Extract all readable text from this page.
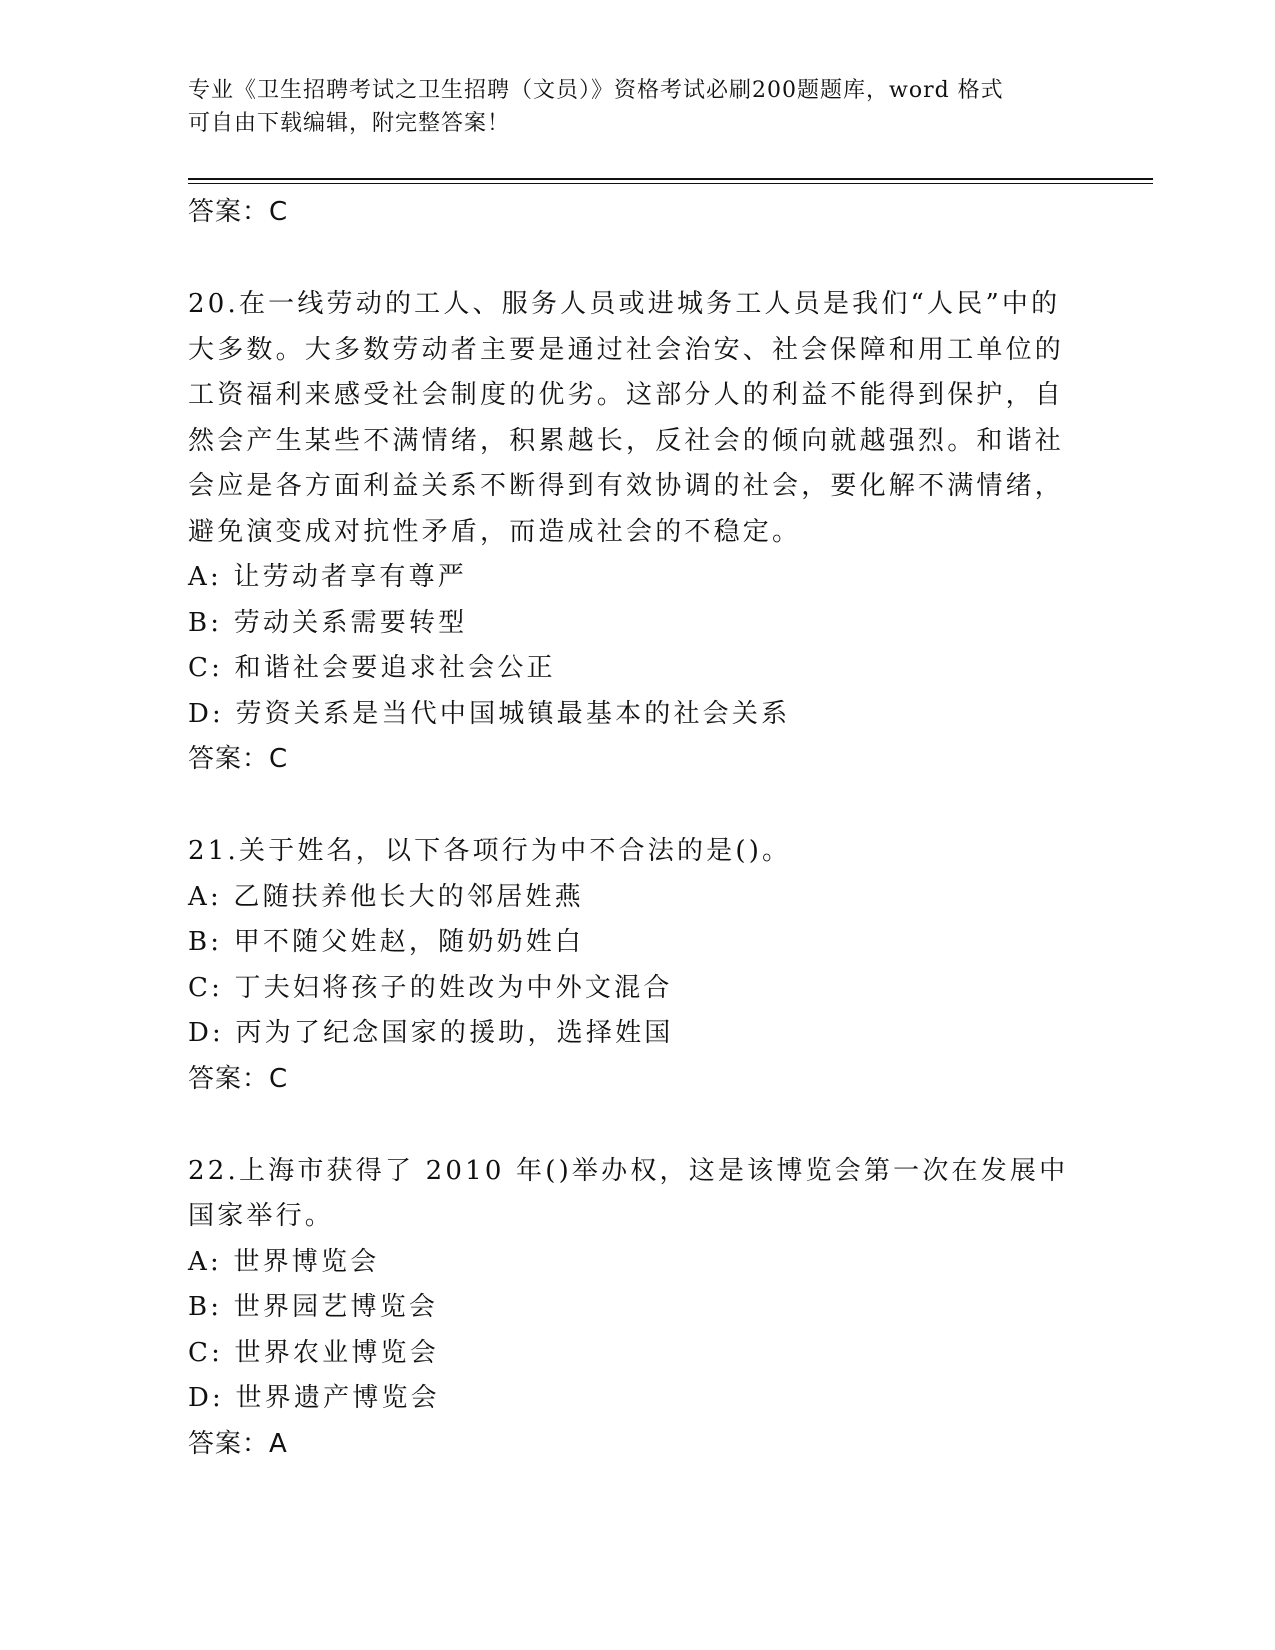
专业《卫生招聘考试之卫生招聘（文员）》资格考试必刷200题题库，word 格式
可自由下载编辑，附完整答案！

答案：C

20.在一线劳动的工人、服务人员或进城务工人员是我们“人民”中的大多数。大多数劳动者主要是通过社会治安、社会保障和用工单位的工资福利来感受社会制度的优劣。这部分人的利益不能得到保护，自然会产生某些不满情绪，积累越长，反社会的倾向就越强烈。和谐社会应是各方面利益关系不断得到有效协调的社会，要化解不满情绪，避免演变成对抗性矛盾，而造成社会的不稳定。

A: 让劳动者享有尊严

B: 劳动关系需要转型

C: 和谐社会要追求社会公正

D: 劳资关系是当代中国城镇最基本的社会关系

答案：C

21.关于姓名，以下各项行为中不合法的是()。

A: 乙随扶养他长大的邻居姓燕

B: 甲不随父姓赵，随奶奶姓白

C: 丁夫妇将孩子的姓改为中外文混合

D: 丙为了纪念国家的援助，选择姓国

答案：C

22.上海市获得了 2010 年()举办权，这是该博览会第一次在发展中国家举行。

A: 世界博览会

B: 世界园艺博览会

C: 世界农业博览会

D: 世界遗产博览会

答案：A
